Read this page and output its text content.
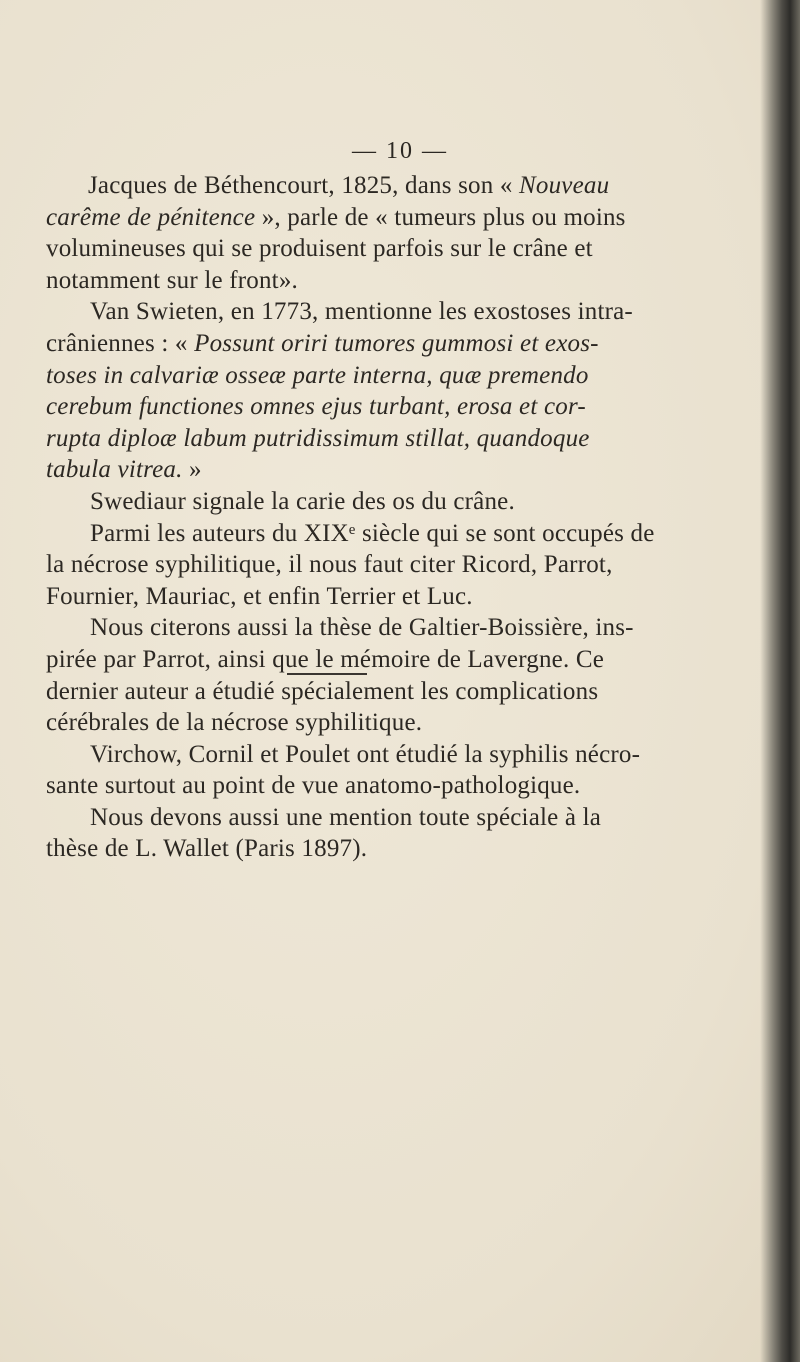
— 10 —
Jacques de Béthencourt, 1825, dans son « Nouveau
carême de pénitence », parle de « tumeurs plus ou moins
volumineuses qui se produisent parfois sur le crâne et
notamment sur le front».
Van Swieten, en 1773, mentionne les exostoses intra-
crâniennes : « Possunt oriri tumores gummosi et exos-
toses in calvariæ osseæ parte interna, quæ premendo
cerebum functiones omnes ejus turbant, erosa et cor-
rupta diploæ labum putridissimum stillat, quandoque
tabula vitrea. »
Swediaur signale la carie des os du crâne.
Parmi les auteurs du XIXᵉ siècle qui se sont occupés de
la nécrose syphilitique, il nous faut citer Ricord, Parrot,
Fournier, Mauriac, et enfin Terrier et Luc.
Nous citerons aussi la thèse de Galtier-Boissière, ins-
pirée par Parrot, ainsi que le mémoire de Lavergne. Ce
dernier auteur a étudié spécialement les complications
cérébrales de la nécrose syphilitique.
Virchow, Cornil et Poulet ont étudié la syphilis nécro-
sante surtout au point de vue anatomo-pathologique.
Nous devons aussi une mention toute spéciale à la
thèse de L. Wallet (Paris 1897).
